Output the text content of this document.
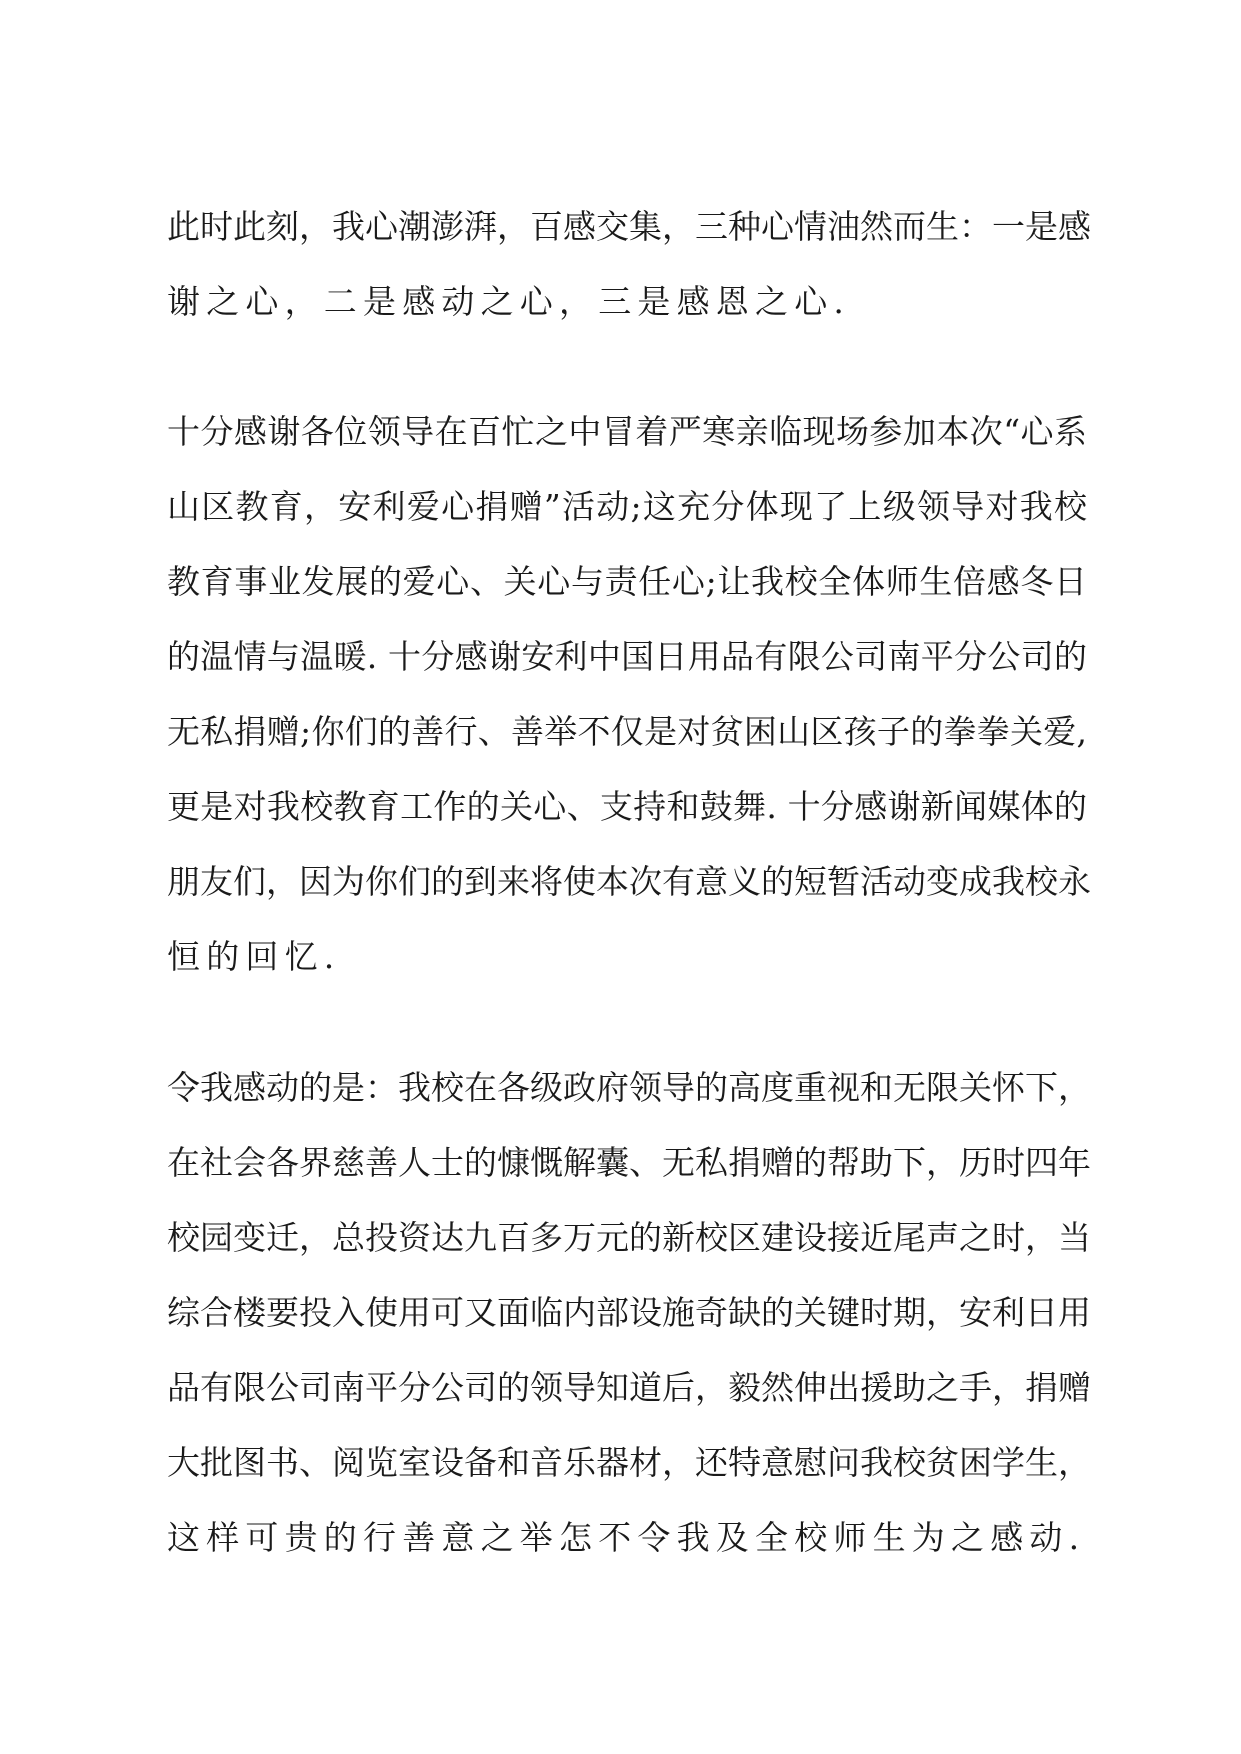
此时此刻，我心潮澎湃，百感交集，三种心情油然而生：一是感
谢之心，二是感动之心，三是感恩之心.
十分感谢各位领导在百忙之中冒着严寒亲临现场参加本次“心系
山区教育，安利爱心捐赠”活动;这充分体现了上级领导对我校
教育事业发展的爱心、关心与责任心;让我校全体师生倍感冬日
的温情与温暖. 十分感谢安利中国日用品有限公司南平分公司的
无私捐赠;你们的善行、善举不仅是对贫困山区孩子的拳拳关爱,
更是对我校教育工作的关心、支持和鼓舞. 十分感谢新闻媒体的
朋友们，因为你们的到来将使本次有意义的短暂活动变成我校永
恒的回忆.
令我感动的是：我校在各级政府领导的高度重视和无限关怀下，
在社会各界慈善人士的慷慨解囊、无私捐赠的帮助下，历时四年
校园变迁，总投资达九百多万元的新校区建设接近尾声之时，当
综合楼要投入使用可又面临内部设施奇缺的关键时期，安利日用
品有限公司南平分公司的领导知道后，毅然伸出援助之手，捐赠
大批图书、阅览室设备和音乐器材，还特意慰问我校贫困学生，
这样可贵的行善意之举怎不令我及全校师生为之感动.
